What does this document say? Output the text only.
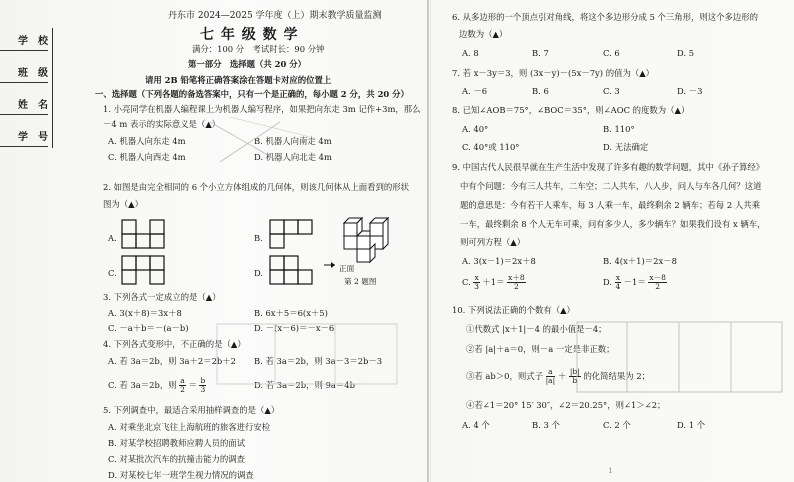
学　校
班　级
姓　名
学　号
丹东市 2024—2025 学年度（上）期末教学质量监测
七 年 级 数 学
满分：100 分　考试时长：90 分钟
第一部分　选择题（共 20 分）
请用 2B 铅笔将正确答案涂在答题卡对应的位置上
一、选择题（下列各题的备选答案中，只有一个是正确的，每小题 2 分，共 20 分）
1. 小亮同学在机器人编程课上为机器人编写程序，如果把向东走 3m 记作+3m，那么
－4 m 表示的实际意义是（▲）
A. 机器人向东走 4m	B. 机器人向南走 4m
C. 机器人向西走 4m	D. 机器人向北走 4m
2. 如图是由完全相同的 6 个小立方体组成的几何体，则该几何体从上面看到的形状
图为（▲）
A.	B.
C.	D.	正面
第 2 题图
3. 下列各式一定成立的是（▲）
A. 3(x＋8)＝3x＋8	B. 6x＋5＝6(x＋5)
C. －a＋b＝－(a－b)	D. －(x－6)＝－x－6
4. 下列各式变形中，不正确的是（▲）
A. 若 3a＝2b，则 3a＋2＝2b＋2 B. 若 3a＝2b，则 3a－3＝2b－3
C. 若 3a＝2b，则 $\frac{a}{2} = \frac{b}{3}$	D. 若 3a＝2b，则 9a＝4b
5. 下列调查中，最适合采用抽样调查的是（▲）
A. 对乘坐北京飞往上海航班的旅客进行安检
B. 对某学校招聘教师应聘人员的面试
C. 对某批次汽车的抗撞击能力的调查
D. 对某校七年一班学生视力情况的调查
6. 从多边形的一个顶点引对角线，将这个多边形分成 5 个三角形，则这个多边形的
边数为（▲）
A. 8	B. 7	C. 6	D. 5
7. 若 x－3y＝3，则 (3x－y)－(5x－7y) 的值为（▲）
A. －6	B. 6	C. 3	D. －3
8. 已知∠AOB＝75°，∠BOC＝35°，则∠AOC 的度数为（▲）
A. 40°	B. 110°
C. 40°或 110°	D. 无法确定
9. 中国古代人民很早就在生产生活中发现了许多有趣的数学问题，其中《孙子算经》
中有个问题：今有三人共车，二车空；二人共车，八人步，问人与车各几何？这道
题的意思是：今有若干人乘车，每 3 人乘一车，最终剩余 2 辆车；若每 2 人共乘
一车，最终剩余 8 个人无车可乘，问有多少人，多少辆车？如果我们设有 x 辆车，
则可列方程（▲）
A. 3(x－1)＝2x＋8	B. 4(x＋1)＝2x－8
C. $\frac{x}{3} +1= \frac{x+8}{2}$	D. $\frac{x}{4} -1= \frac{x-8}{2}$
10. 下列说法正确的个数有（▲）
①代数式 |x＋1|－4 的最小值是－4；
②若 |a|＋a＝0，则－a 一定是非正数；
③若 ab＞0，则式子 $\frac{a}{|a|} + \frac{|b|}{b}$ 的化简结果为 2；
④若∠1＝20° 15′ 30″，∠2＝20.25°，则∠1＞∠2；
A. 4 个	B. 3 个	C. 2 个	D. 1 个
1
